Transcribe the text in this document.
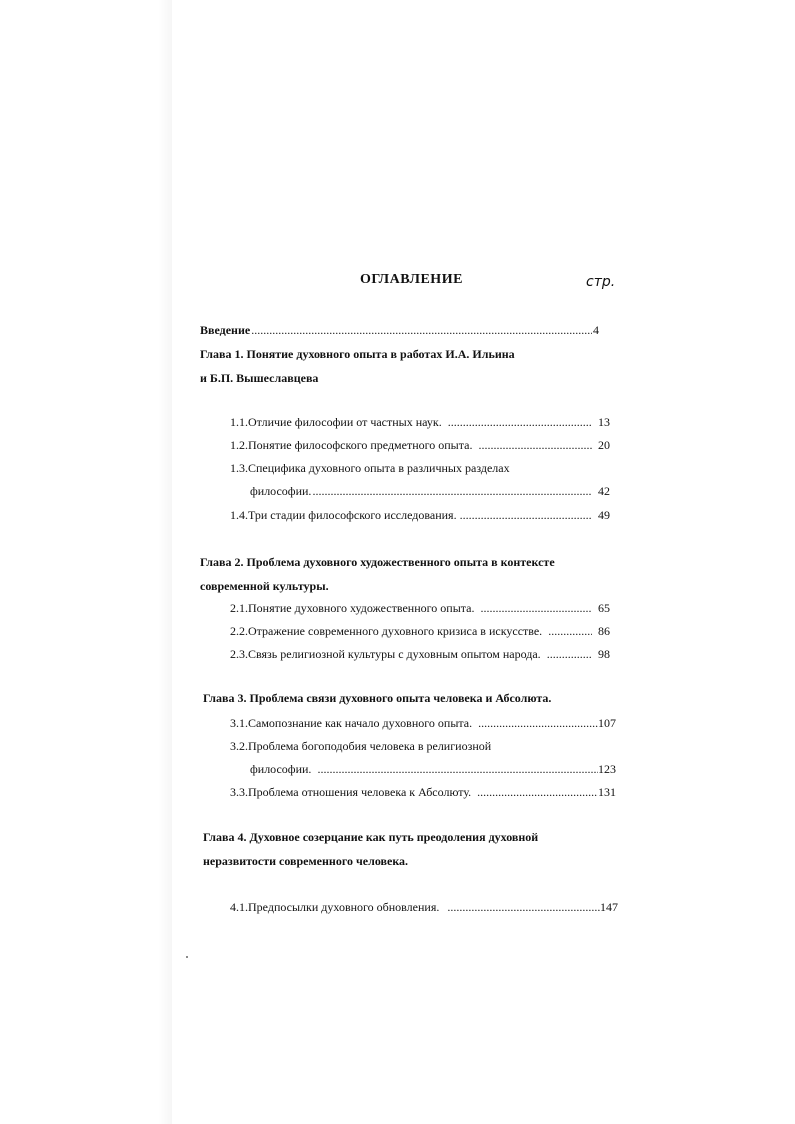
ОГЛАВЛЕНИЕ	стр.
Введение .....	4
Глава 1. Понятие духовного опыта в работах И.А. Ильина
и Б.П. Вышеславцева
1.1.Отличие философии от частных наук. .....	13
1.2.Понятие философского предметного опыта. .....	20
1.3.Специфика духовного опыта в различных разделах
философии. .....	42
1.4.Три стадии философского исследования. .....	49
Глава 2. Проблема духовного художественного опыта в контексте
современной культуры.
2.1.Понятие духовного художественного опыта. .....	65
2.2.Отражение современного духовного кризиса в искусстве. .....	86
2.3.Связь религиозной культуры с духовным опытом народа. .....	98
Глава 3. Проблема связи духовного опыта человека и Абсолюта.
3.1.Самопознание как начало духовного опыта. .....	107
3.2.Проблема богоподобия человека в религиозной
философии. .....	123
3.3.Проблема отношения человека к Абсолюту. .....	131
Глава 4. Духовное созерцание как путь преодоления духовной
неразвитости современного человека.
4.1.Предпосылки духовного обновления. .....	147
